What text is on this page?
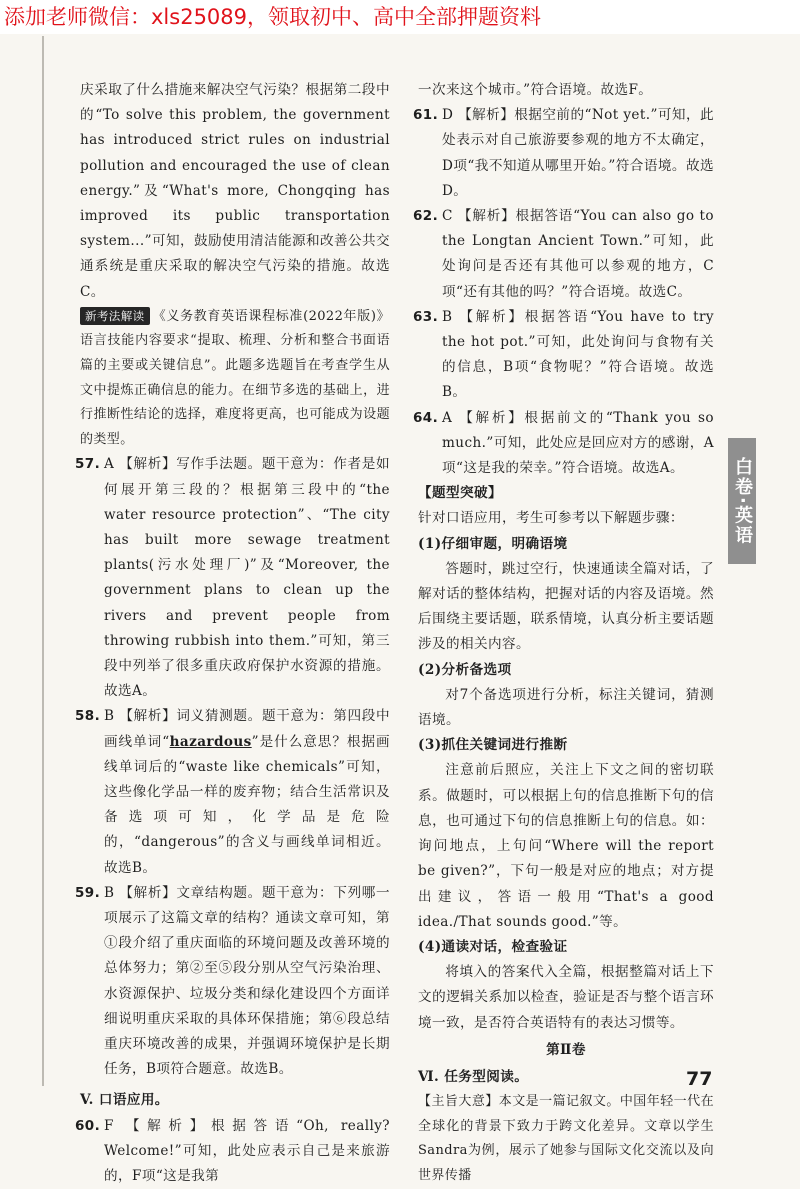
添加老师微信：xls25089，领取初中、高中全部押题资料

庆采取了什么措施来解决空气污染？根据第二段中的“To solve this problem, the government has introduced strict rules on industrial pollution and encouraged the use of clean energy.”及“What's more, Chongqing has improved its public transportation system...”可知，鼓励使用清洁能源和改善公共交通系统是重庆采取的解决空气污染的措施。故选C。

新考法解读 《义务教育英语课程标准(2022年版)》语言技能内容要求“提取、梳理、分析和整合书面语篇的主要或关键信息”。此题多选题旨在考查学生从文中提炼正确信息的能力。在细节多选的基础上，进行推断性结论的选择，难度将更高，也可能成为设题的类型。

57. A 【解析】写作手法题。题干意为：作者是如何展开第三段的？根据第三段中的“the water resource protection”、“The city has built more sewage treatment plants(污水处理厂)”及“Moreover, the government plans to clean up the rivers and prevent people from throwing rubbish into them.”可知，第三段中列举了很多重庆政府保护水资源的措施。故选A。
58. B 【解析】词义猜测题。题干意为：第四段中画线单词“hazardous”是什么意思？根据画线单词后的“waste like chemicals”可知，这些像化学品一样的废弃物；结合生活常识及备选项可知，化学品是危险的，“dangerous”的含义与画线单词相近。故选B。
59. B 【解析】文章结构题。题干意为：下列哪一项展示了这篇文章的结构？通读文章可知，第①段介绍了重庆面临的环境问题及改善环境的总体努力；第②至⑤段分别从空气污染治理、水资源保护、垃圾分类和绿化建设四个方面详细说明重庆采取的具体环保措施；第⑥段总结重庆环境改善的成果，并强调环境保护是长期任务，B项符合题意。故选B。

V. 口语应用。

60. F 【解析】根据答语“Oh, really? Welcome!”可知，此处应表示自己是来旅游的，F项“这是我第

一次来这个城市。”符合语境。故选F。

61. D 【解析】根据空前的“Not yet.”可知，此处表示对自己旅游要参观的地方不太确定，D项“我不知道从哪里开始。”符合语境。故选D。
62. C 【解析】根据答语“You can also go to the Longtan Ancient Town.”可知，此处询问是否还有其他可以参观的地方，C项“还有其他的吗？”符合语境。故选C。
63. B 【解析】根据答语“You have to try the hot pot.”可知，此处询问与食物有关的信息，B项“食物呢？”符合语境。故选B。
64. A 【解析】根据前文的“Thank you so much.”可知，此处应是回应对方的感谢，A项“这是我的荣幸。”符合语境。故选A。

【题型突破】

针对口语应用，考生可参考以下解题步骤：

(1)仔细审题，明确语境

答题时，跳过空行，快速通读全篇对话，了解对话的整体结构，把握对话的内容及语境。然后围绕主要话题，联系情境，认真分析主要话题涉及的相关内容。

(2)分析备选项

对7个备选项进行分析，标注关键词，猜测语境。

(3)抓住关键词进行推断

注意前后照应，关注上下文之间的密切联系。做题时，可以根据上句的信息推断下句的信息，也可通过下句的信息推断上句的信息。如：询问地点，上句问“Where will the report be given?”，下句一般是对应的地点；对方提出建议，答语一般用“That's a good idea./That sounds good.”等。

(4)通读对话，检查验证

将填入的答案代入全篇，根据整篇对话上下文的逻辑关系加以检查，验证是否与整个语言环境一致，是否符合英语特有的表达习惯等。

第Ⅱ卷

Ⅵ. 任务型阅读。

【主旨大意】本文是一篇记叙文。中国年轻一代在全球化的背景下致力于跨文化差异。文章以学生Sandra为例，展示了她参与国际文化交流以及向世界传播

白卷·英语
77
